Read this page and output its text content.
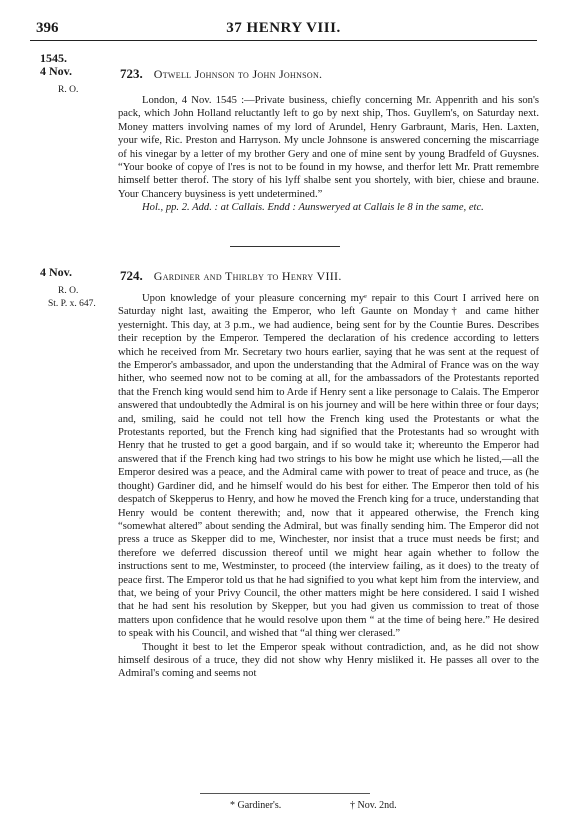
396	37 HENRY VIII.
1545.
4 Nov.
R. O.
723. Otwell Johnson to John Johnson.

London, 4 Nov. 1545 :—Private business, chiefly concerning Mr. Appenrith and his son's pack, which John Holland reluctantly left to go by next ship, Thos. Guyllem's, on Saturday next. Money matters involving names of my lord of Arundel, Henry Garbraunt, Maris, Hen. Laxten, your wife, Ric. Preston and Harryson. My uncle Johnsone is answered concerning the miscarriage of his vinegar by a letter of my brother Gery and one of mine sent by young Bradfeld of Guysnes. “Your booke of copye of l'res is not to be found in my howse, and therfor lett Mr. Pratt remembre himself better therof. The story of his lyff shalbe sent you shortely, with bier, chiese and braune. Your Chancery buysiness is yett undetermined.”

Hol., pp. 2. Add. : at Callais. Endd : Aunsweryed at Callais le 8 in the same, etc.

4 Nov.
R. O.
St. P. x. 647.
724. Gardiner and Thirlby to Henry VIII.

Upon knowledge of your pleasure concerning myᵉ repair to this Court I arrived here on Saturday night last, awaiting the Emperor, who left Gaunte on Monday† and came hither yesternight. This day, at 3 p.m., we had audience, being sent for by the Countie Bures. Describes their reception by the Emperor. Tempered the declaration of his credence according to letters which he received from Mr. Secretary two hours earlier, saying that he was sent at the request of the Emperor's ambassador, and upon the understanding that the Admiral of France was on the way hither, who seemed now not to be coming at all, for the ambassadors of the Protestants reported that the French king would send him to Arde if Henry sent a like personage to Calais. The Emperor answered that undoubtedly the Admiral is on his journey and will be here within three or four days; and, smiling, said he could not tell how the French king used the Protestants or what the Protestants reported, but the French king had signified that the Protestants had so wrought with Henry that he trusted to get a good bargain, and if so would take it; whereunto the Emperor had answered that if the French king had two strings to his bow he might use which he listed,—all the Emperor desired was a peace, and the Admiral came with power to treat of peace and truce, as (he thought) Gardiner did, and he himself would do his best for either. The Emperor then told of his despatch of Skepperus to Henry, and how he moved the French king for a truce, understanding that Henry would be content therewith; and, now that it appeared otherwise, the French king “somewhat altered” about sending the Admiral, but was finally sending him. The Emperor did not press a truce as Skepper did to me, Winchester, nor insist that a truce must needs be first; and therefore we deferred discussion thereof until we might hear again whether to follow the instructions sent to me, Westminster, to proceed (the interview failing, as it does) to the treaty of peace first. The Emperor told us that he had signified to you what kept him from the interview, and that, we being of your Privy Council, the other matters might be here considered. I said I wished that he had sent his resolution by Skepper, but you had given us commission to treat of those matters upon confidence that he would resolve upon them “ at the time of being here.” He desired to speak with his Council, and wished that “al thing wer clerased.”

Thought it best to let the Emperor speak without contradiction, and, as he did not show himself desirous of a truce, they did not show why Henry misliked it. He passes all over to the Admiral's coming and seems not

* Gardiner's.	† Nov. 2nd.
